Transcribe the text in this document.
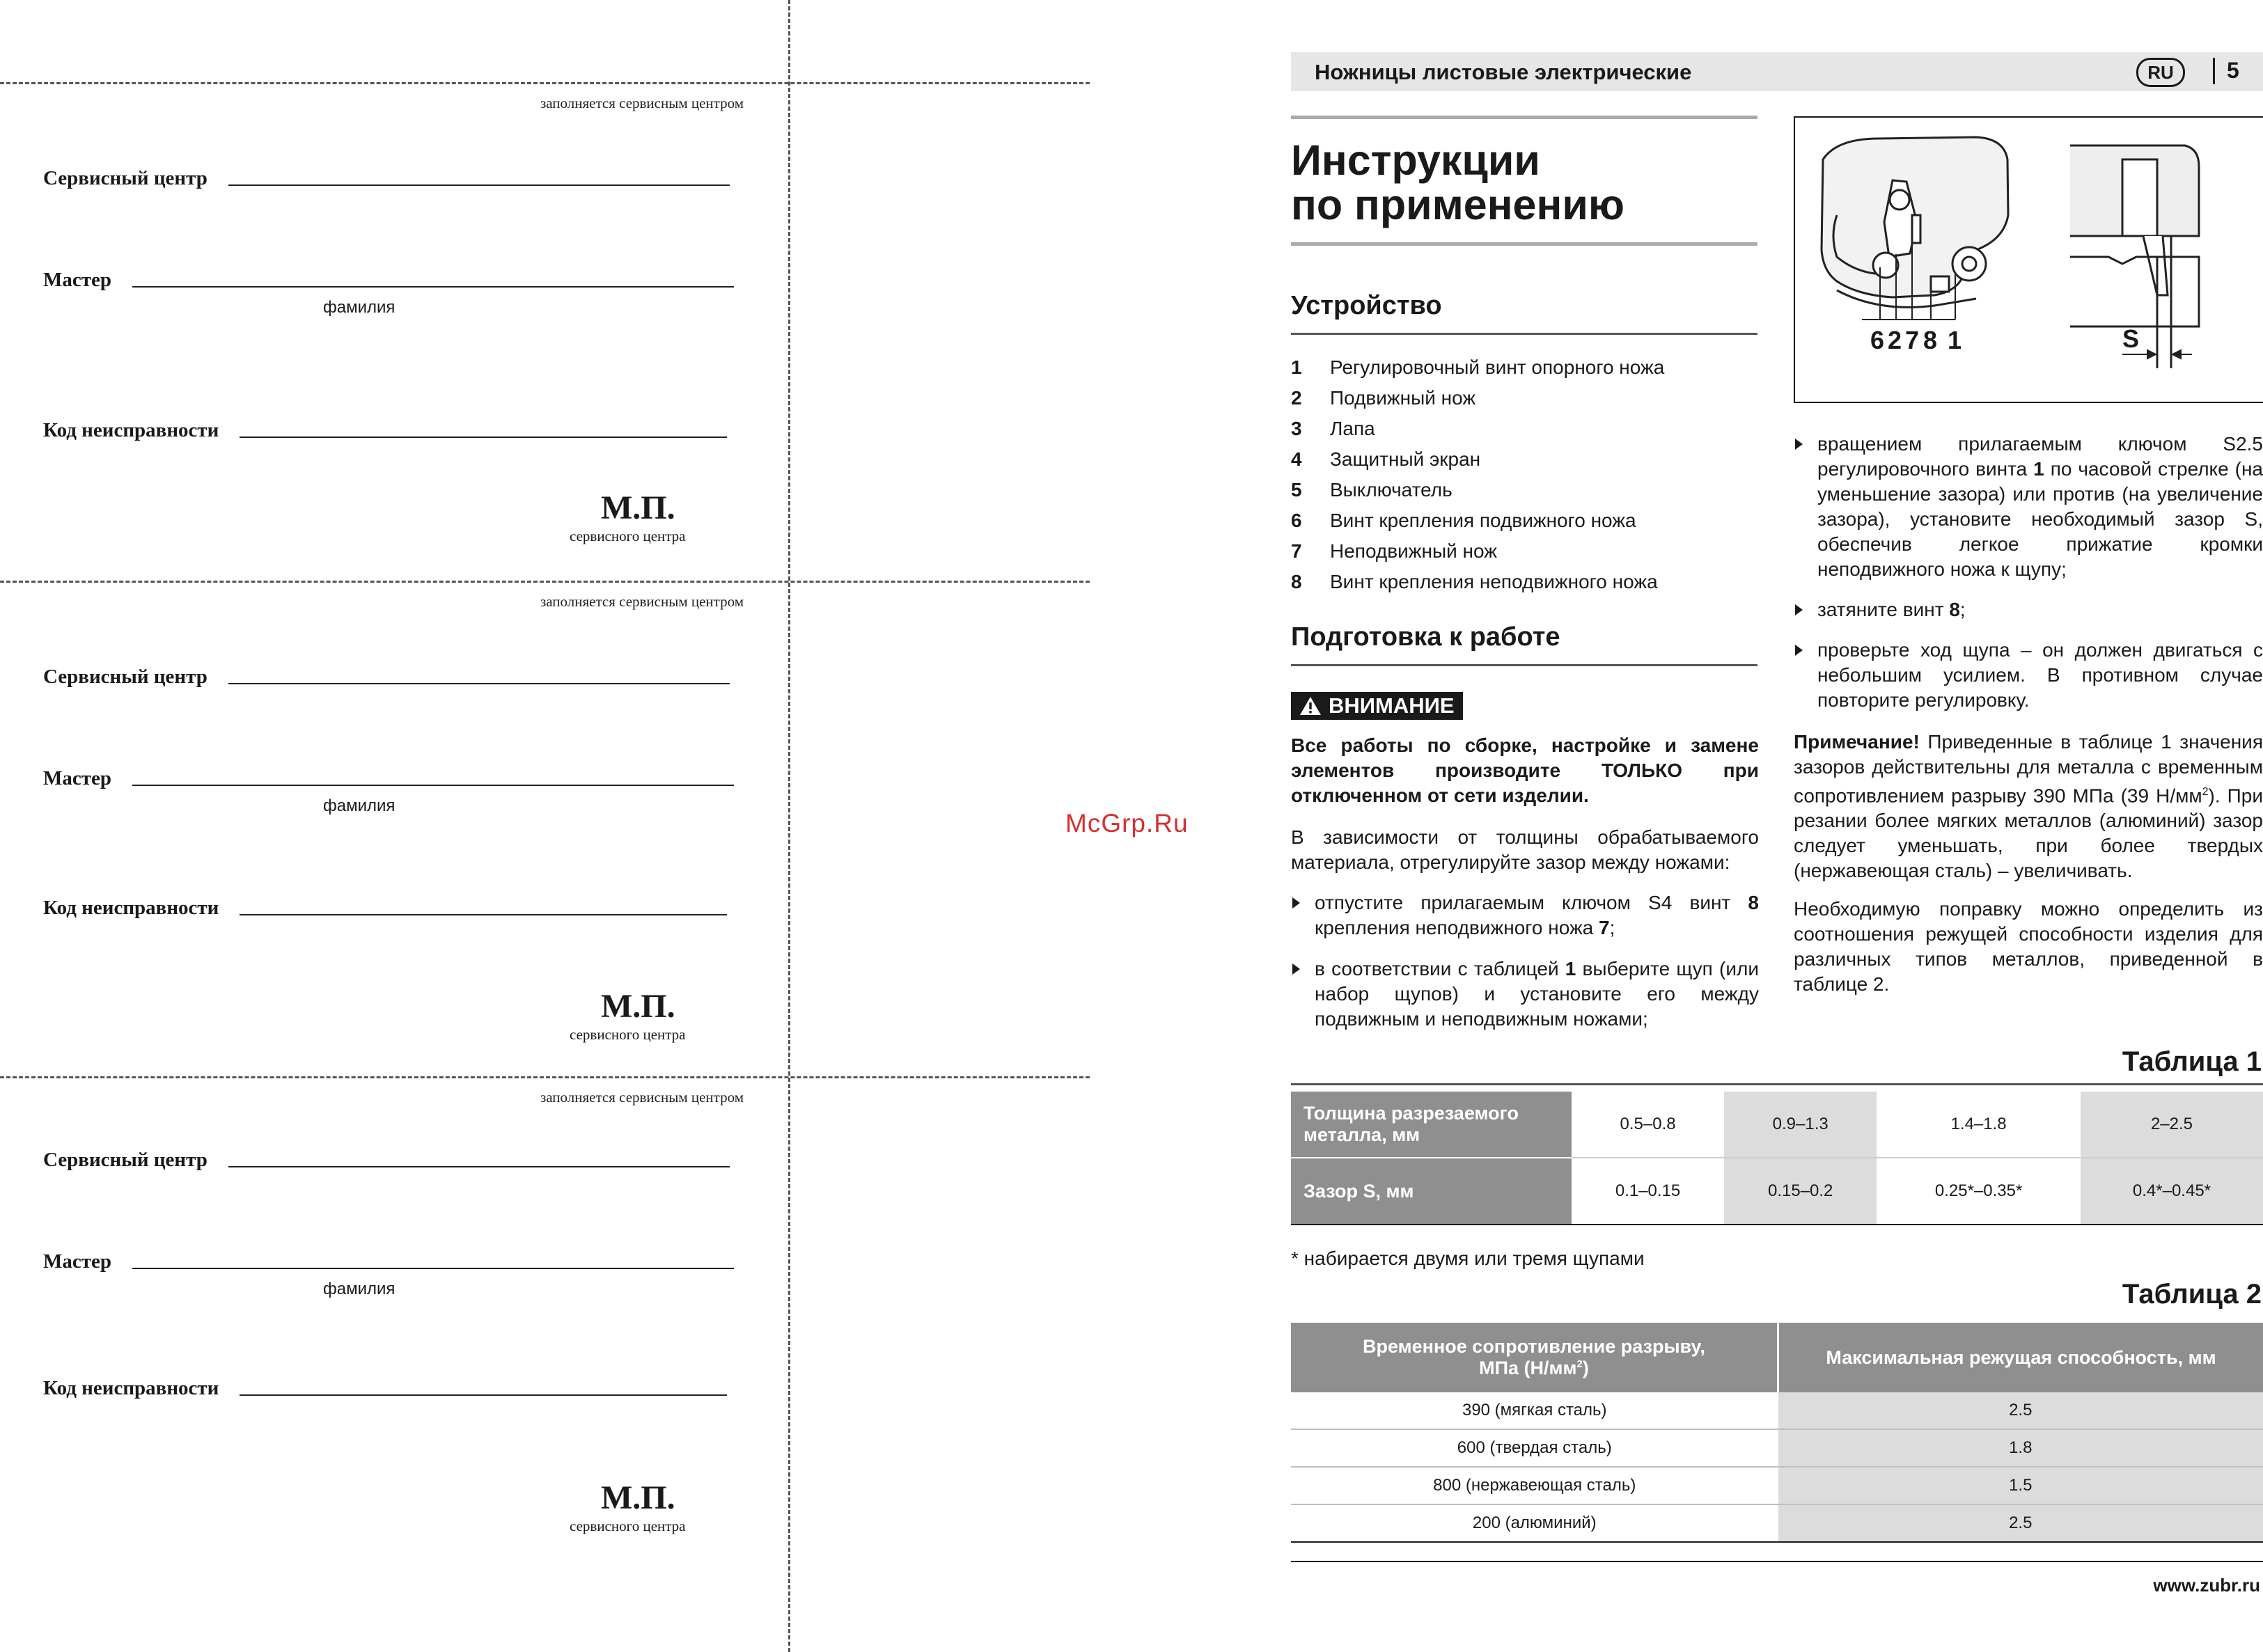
заполняется сервисным центром
Сервисный центр
Мастер
фамилия
Код неисправности
М.П.
сервисного центра
заполняется сервисным центром
Сервисный центр
Мастер
фамилия
Код неисправности
М.П.
сервисного центра
заполняется сервисным центром
Сервисный центр
Мастер
фамилия
Код неисправности
М.П.
сервисного центра
McGrp.Ru
Ножницы листовые электрические	RU	5
Инструкции
по применению
Устройство
1	Регулировочный винт опорного ножа
2	Подвижный нож
3	Лапа
4	Защитный экран
5	Выключатель
6	Винт крепления подвижного ножа
7	Неподвижный нож
8	Винт крепления неподвижного ножа
Подготовка к работе
ВНИМАНИЕ
Все работы по сборке, настройке и замене элементов производите ТОЛЬКО при отключенном от сети изделии.
В зависимости от толщины обрабатываемого материала, отрегулируйте зазор между ножами:
отпустите прилагаемым ключом S4 винт 8 крепления неподвижного ножа 7;
в соответствии с таблицей 1 выберите щуп (или набор щупов) и установите его между подвижным и неподвижным ножами;
6 2 7 8 1	S
вращением прилагаемым ключом S2.5 регулировочного винта 1 по часовой стрелке (на уменьшение зазора) или против (на увеличение зазора), установите необходимый зазор S, обеспечив легкое прижатие кромки неподвижного ножа к щупу;
затяните винт 8;
проверьте ход щупа – он должен двигаться с небольшим усилием. В противном случае повторите регулировку.
Примечание! Приведенные в таблице 1 значения зазоров действительны для металла с временным сопротивлением разрыву 390 МПа (39 $Н/мм^2$). При резании более мягких металлов (алюминий) зазор следует уменьшать, при более твердых (нержавеющая сталь) – увеличивать.
Необходимую поправку можно определить из соотношения режущей способности изделия для различных типов металлов, приведенной в таблице 2.
Таблица 1
Толщина разрезаемого металла, мм	0.5–0.8	0.9–1.3	1.4–1.8	2–2.5
Зазор S, мм	0.1–0.15	0.15–0.2	0.25*–0.35*	0.4*–0.45*
* набирается двумя или тремя щупами
Таблица 2
Временное сопротивление разрыву,
МПа $(Н/мм^2)$	Максимальная режущая способность, мм
390 (мягкая сталь)	2.5
600 (твердая сталь)	1.8
800 (нержавеющая сталь)	1.5
200 (алюминий)	2.5
www.zubr.ru
